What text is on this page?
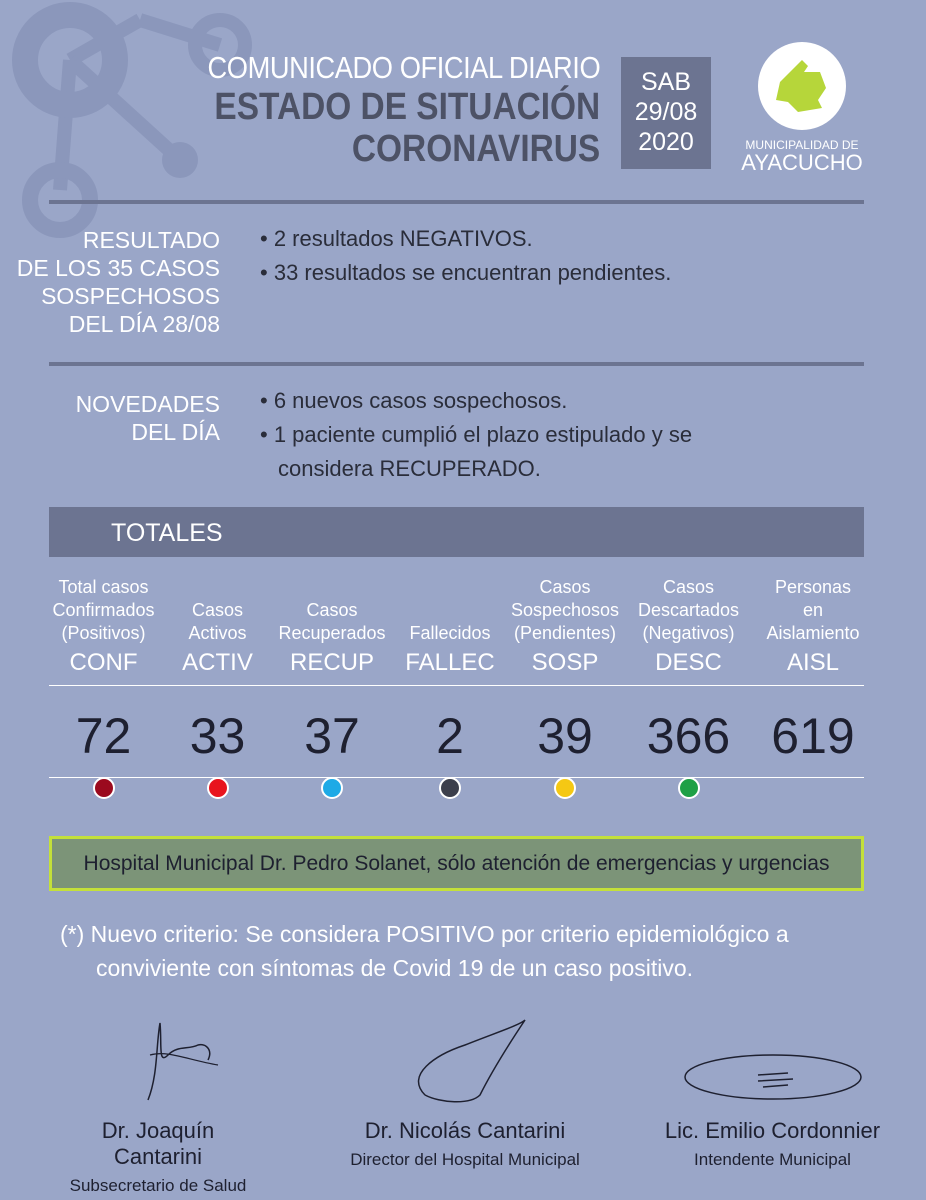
COMUNICADO OFICIAL DIARIO
ESTADO DE SITUACIÓN
CORONAVIRUS
SAB
29/08
2020	MUNICIPALIDAD DE
AYACUCHO
RESULTADO
DE LOS 35 CASOS
SOSPECHOSOS
DEL DÍA 28/08
• 2 resultados NEGATIVOS.
• 33 resultados se encuentran pendientes.
NOVEDADES
DEL DÍA
• 6 nuevos casos sospechosos.
• 1 paciente cumplió el plazo estipulado y se considera RECUPERADO.
TOTALES
Total casos
Confirmados
(Positivos)
CONF
72
Casos
Activos
ACTIV
33
Casos
Recuperados
RECUP
37
Fallecidos
FALLEC
2
Casos
Sospechosos
(Pendientes)
SOSP
39
Casos
Descartados
(Negativos)
DESC
366
Personas
en
Aislamiento
AISL
619
Hospital Municipal Dr. Pedro Solanet, sólo atención de emergencias y urgencias
(*) Nuevo criterio: Se considera POSITIVO por criterio epidemiológico a
conviviente con síntomas de Covid 19 de un caso positivo.
Dr. Joaquín Cantarini
Subsecretario de Salud
Dr. Nicolás Cantarini
Director del Hospital Municipal
Lic. Emilio Cordonnier
Intendente Municipal
